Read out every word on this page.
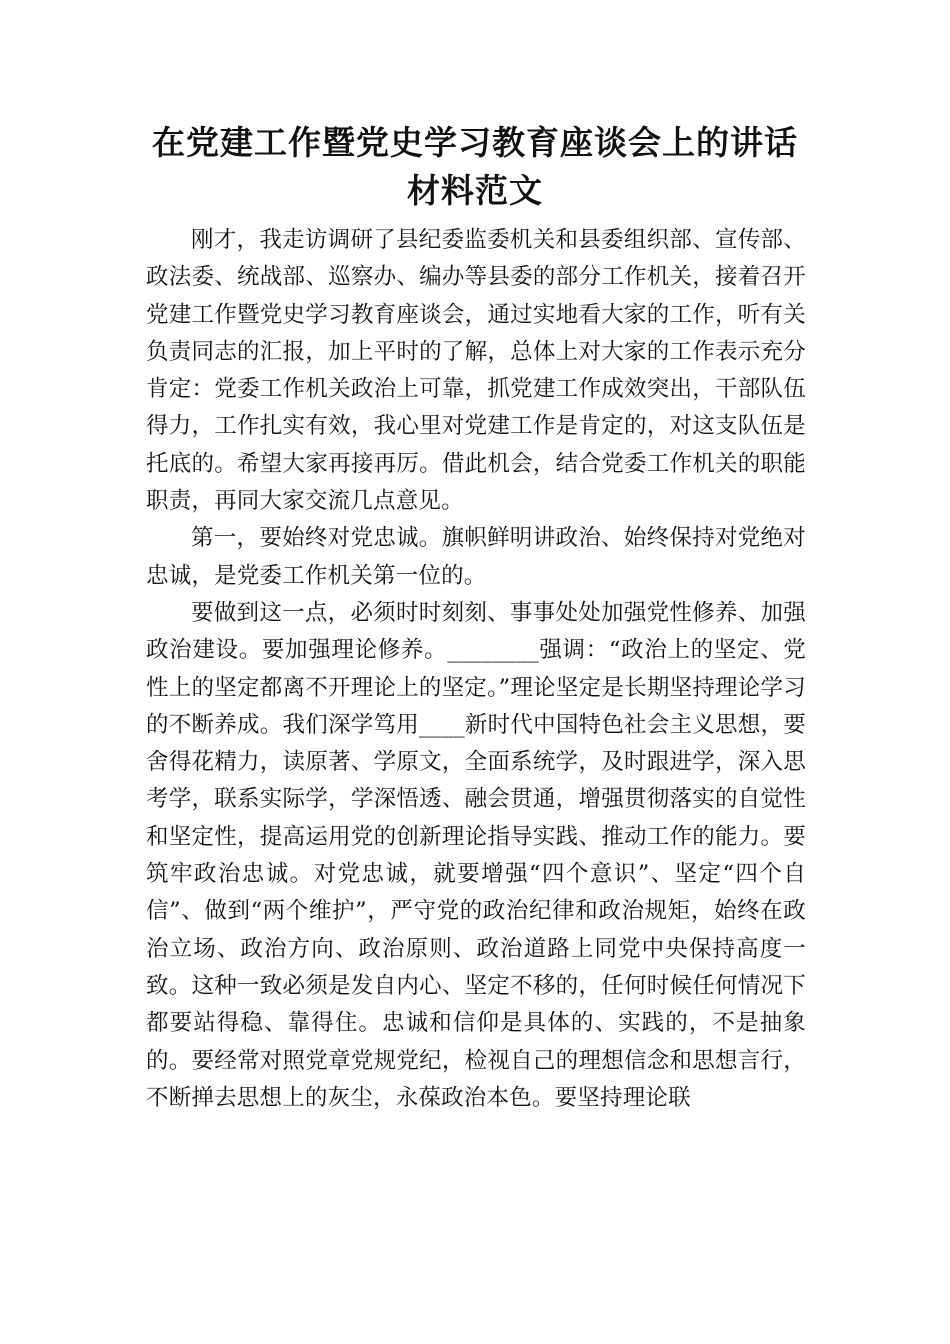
在党建工作暨党史学习教育座谈会上的讲话
材料范文

刚才，我走访调研了县纪委监委机关和县委组织部、宣传部、政法委、统战部、巡察办、编办等县委的部分工作机关，接着召开党建工作暨党史学习教育座谈会，通过实地看大家的工作，听有关负责同志的汇报，加上平时的了解，总体上对大家的工作表示充分肯定：党委工作机关政治上可靠，抓党建工作成效突出，干部队伍得力，工作扎实有效，我心里对党建工作是肯定的，对这支队伍是托底的。希望大家再接再厉。借此机会，结合党委工作机关的职能职责，再同大家交流几点意见。

第一，要始终对党忠诚。旗帜鲜明讲政治、始终保持对党绝对忠诚，是党委工作机关第一位的。

要做到这一点，必须时时刻刻、事事处处加强党性修养、加强政治建设。要加强理论修养。________强调：“政治上的坚定、党性上的坚定都离不开理论上的坚定。”理论坚定是长期坚持理论学习的不断养成。我们深学笃用____新时代中国特色社会主义思想，要舍得花精力，读原著、学原文，全面系统学，及时跟进学，深入思考学，联系实际学，学深悟透、融会贯通，增强贯彻落实的自觉性和坚定性，提高运用党的创新理论指导实践、推动工作的能力。要筑牢政治忠诚。对党忠诚，就要增强“四个意识”、坚定“四个自信”、做到“两个维护”，严守党的政治纪律和政治规矩，始终在政治立场、政治方向、政治原则、政治道路上同党中央保持高度一致。这种一致必须是发自内心、坚定不移的，任何时候任何情况下都要站得稳、靠得住。忠诚和信仰是具体的、实践的，不是抽象的。要经常对照党章党规党纪，检视自己的理想信念和思想言行，不断掸去思想上的灰尘，永葆政治本色。要坚持理论联
